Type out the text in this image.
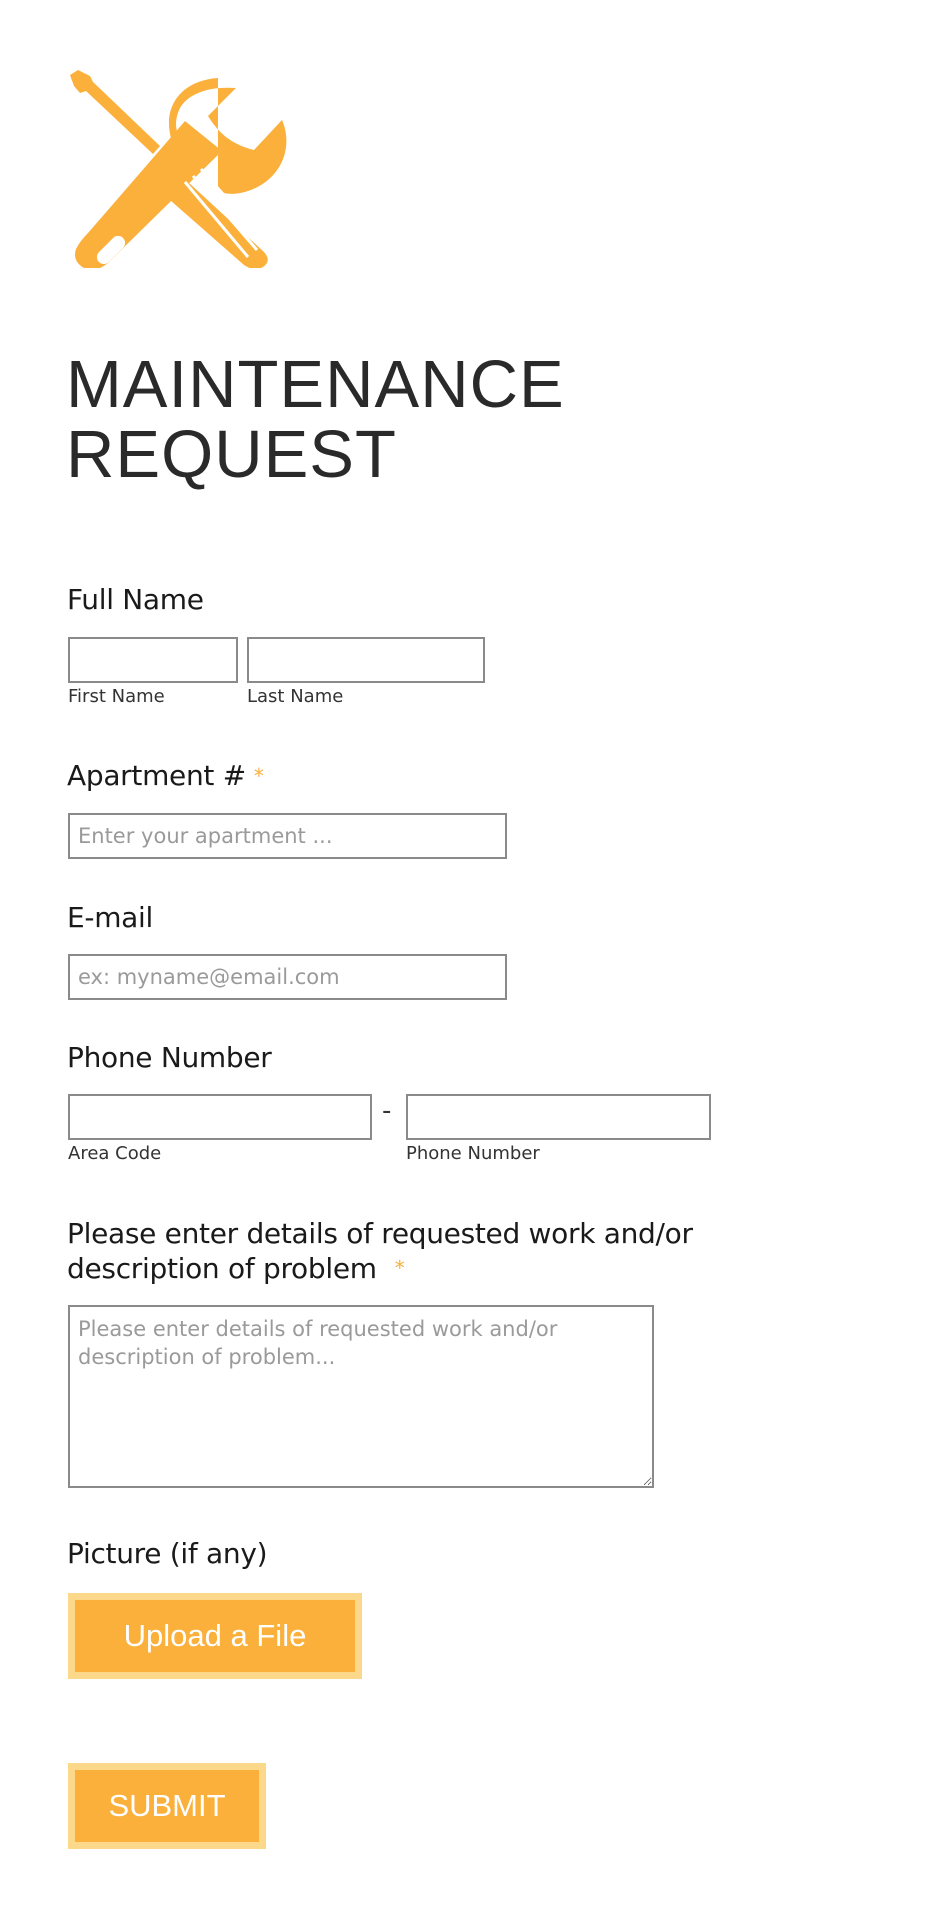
MAINTENANCE
REQUEST
Full Name
First Name	Last Name
Apartment # *
Enter your apartment ...
E-mail
ex: myname@email.com
Phone Number
-
Area Code	Phone Number
Please enter details of requested work and/or
description of problem *
Please enter details of requested work and/or description of problem...
Picture (if any)
Upload a File
SUBMIT
